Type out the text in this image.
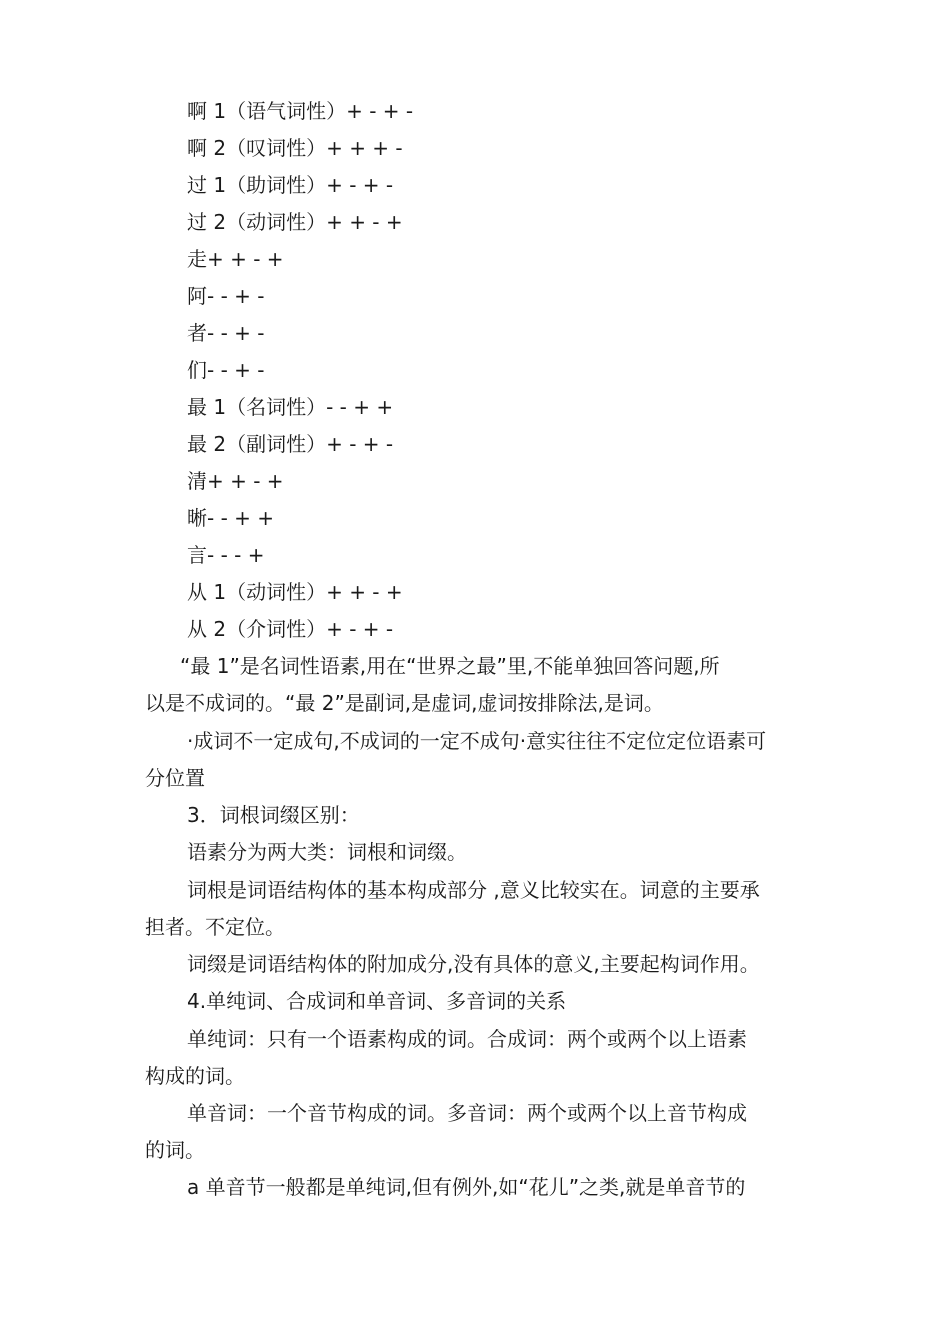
啊 1（语气词性）+ - + -
啊 2（叹词性）+ + + -
过 1（助词性）+ - + -
过 2（动词性）+ + - +
走+ + - +
阿- - + -
者- - + -
们- - + -
最 1（名词性）- - + +
最 2（副词性）+ - + -
清+ + - +
晰- - + +
言- - - +
从 1（动词性）+ + - +
从 2（介词性）+ - + -
“最 1”是名词性语素,用在“世界之最”里,不能单独回答问题,所
以是不成词的。“最 2”是副词,是虚词,虚词按排除法,是词。
·成词不一定成句,不成词的一定不成句·意实往往不定位定位语素可
分位置
3．词根词缀区别：
语素分为两大类：词根和词缀。
词根是词语结构体的基本构成部分 ,意义比较实在。词意的主要承
担者。不定位。
词缀是词语结构体的附加成分,没有具体的意义,主要起构词作用。
4.单纯词、合成词和单音词、多音词的关系
单纯词：只有一个语素构成的词。合成词：两个或两个以上语素
构成的词。
单音词：一个音节构成的词。多音词：两个或两个以上音节构成
的词。
a 单音节一般都是单纯词,但有例外,如“花儿”之类,就是单音节的
